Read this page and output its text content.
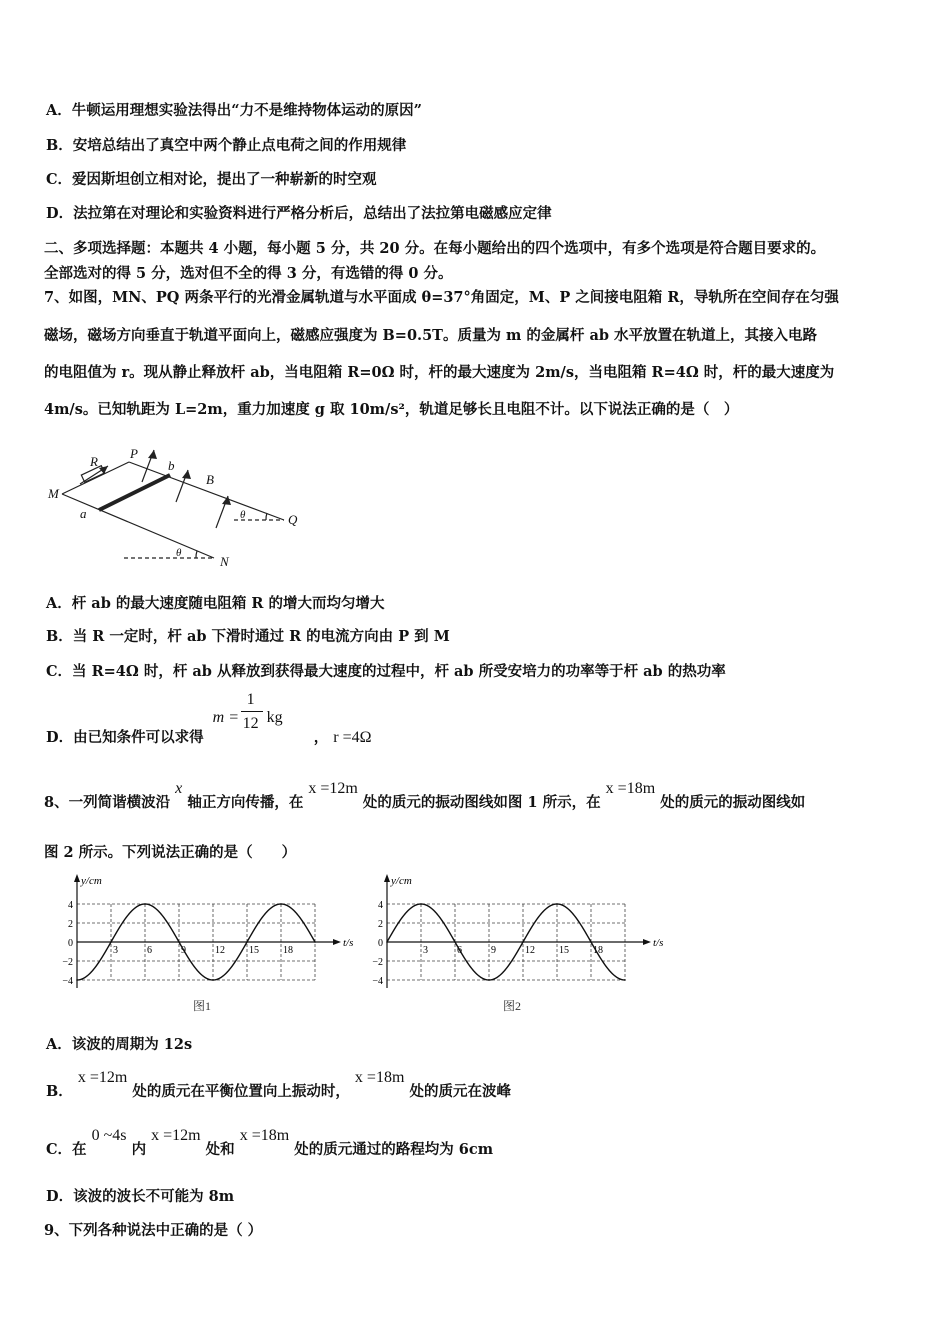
A．牛顿运用理想实验法得出“力不是维持物体运动的原因”
B．安培总结出了真空中两个静止点电荷之间的作用规律
C．爱因斯坦创立相对论，提出了一种崭新的时空观
D．法拉第在对理论和实验资料进行严格分析后，总结出了法拉第电磁感应定律
二、多项选择题：本题共 4 小题，每小题 5 分，共 20 分。在每小题给出的四个选项中，有多个选项是符合题目要求的。
全部选对的得 5 分，选对但不全的得 3 分，有选错的得 0 分。
7、如图，MN、PQ 两条平行的光滑金属轨道与水平面成 θ=37°角固定，M、P 之间接电阻箱 R，导轨所在空间存在匀强
磁场，磁场方向垂直于轨道平面向上，磁感应强度为 B=0.5T。质量为 m 的金属杆 ab 水平放置在轨道上，其接入电路
的电阻值为 r。现从静止释放杆 ab，当电阻箱 R=0Ω 时，杆的最大速度为 2m/s，当电阻箱 R=4Ω 时，杆的最大速度为
4m/s。已知轨距为 L=2m，重力加速度 g 取 10m/s²，轨道足够长且电阻不计。以下说法正确的是（　）
M
N
P
Q
R
a
b
B
θ
θ
A．杆 ab 的最大速度随电阻箱 R 的增大而均匀增大
B．当 R 一定时，杆 ab 下滑时通过 R 的电流方向由 P 到 M
C．当 R=4Ω 时，杆 ab 从释放到获得最大速度的过程中，杆 ab 所受安培力的功率等于杆 ab 的热功率
D．由已知条件可以求得
m =
1
12 kg
， r =4Ω
8、一列简谐横波沿 x 轴正方向传播，在 x =12m 处的质元的振动图线如图 1 所示，在 x =18m 处的质元的振动图线如
图 2 所示。下列说法正确的是（　　）
y/cm
t/s
4
2
0
−2
−4
3	6	9	12 15 18
图1
y/cm
t/s
4
2
0
−2
−4
3	6	9	12 15 18
图2
A．该波的周期为 12s
B． x =12m 处的质元在平衡位置向上振动时， x =18m 处的质元在波峰
C．在 0 ~4s 内 x =12m 处和 x =18m 处的质元通过的路程均为 6cm
D．该波的波长不可能为 8m
9、下列各种说法中正确的是（ ）
